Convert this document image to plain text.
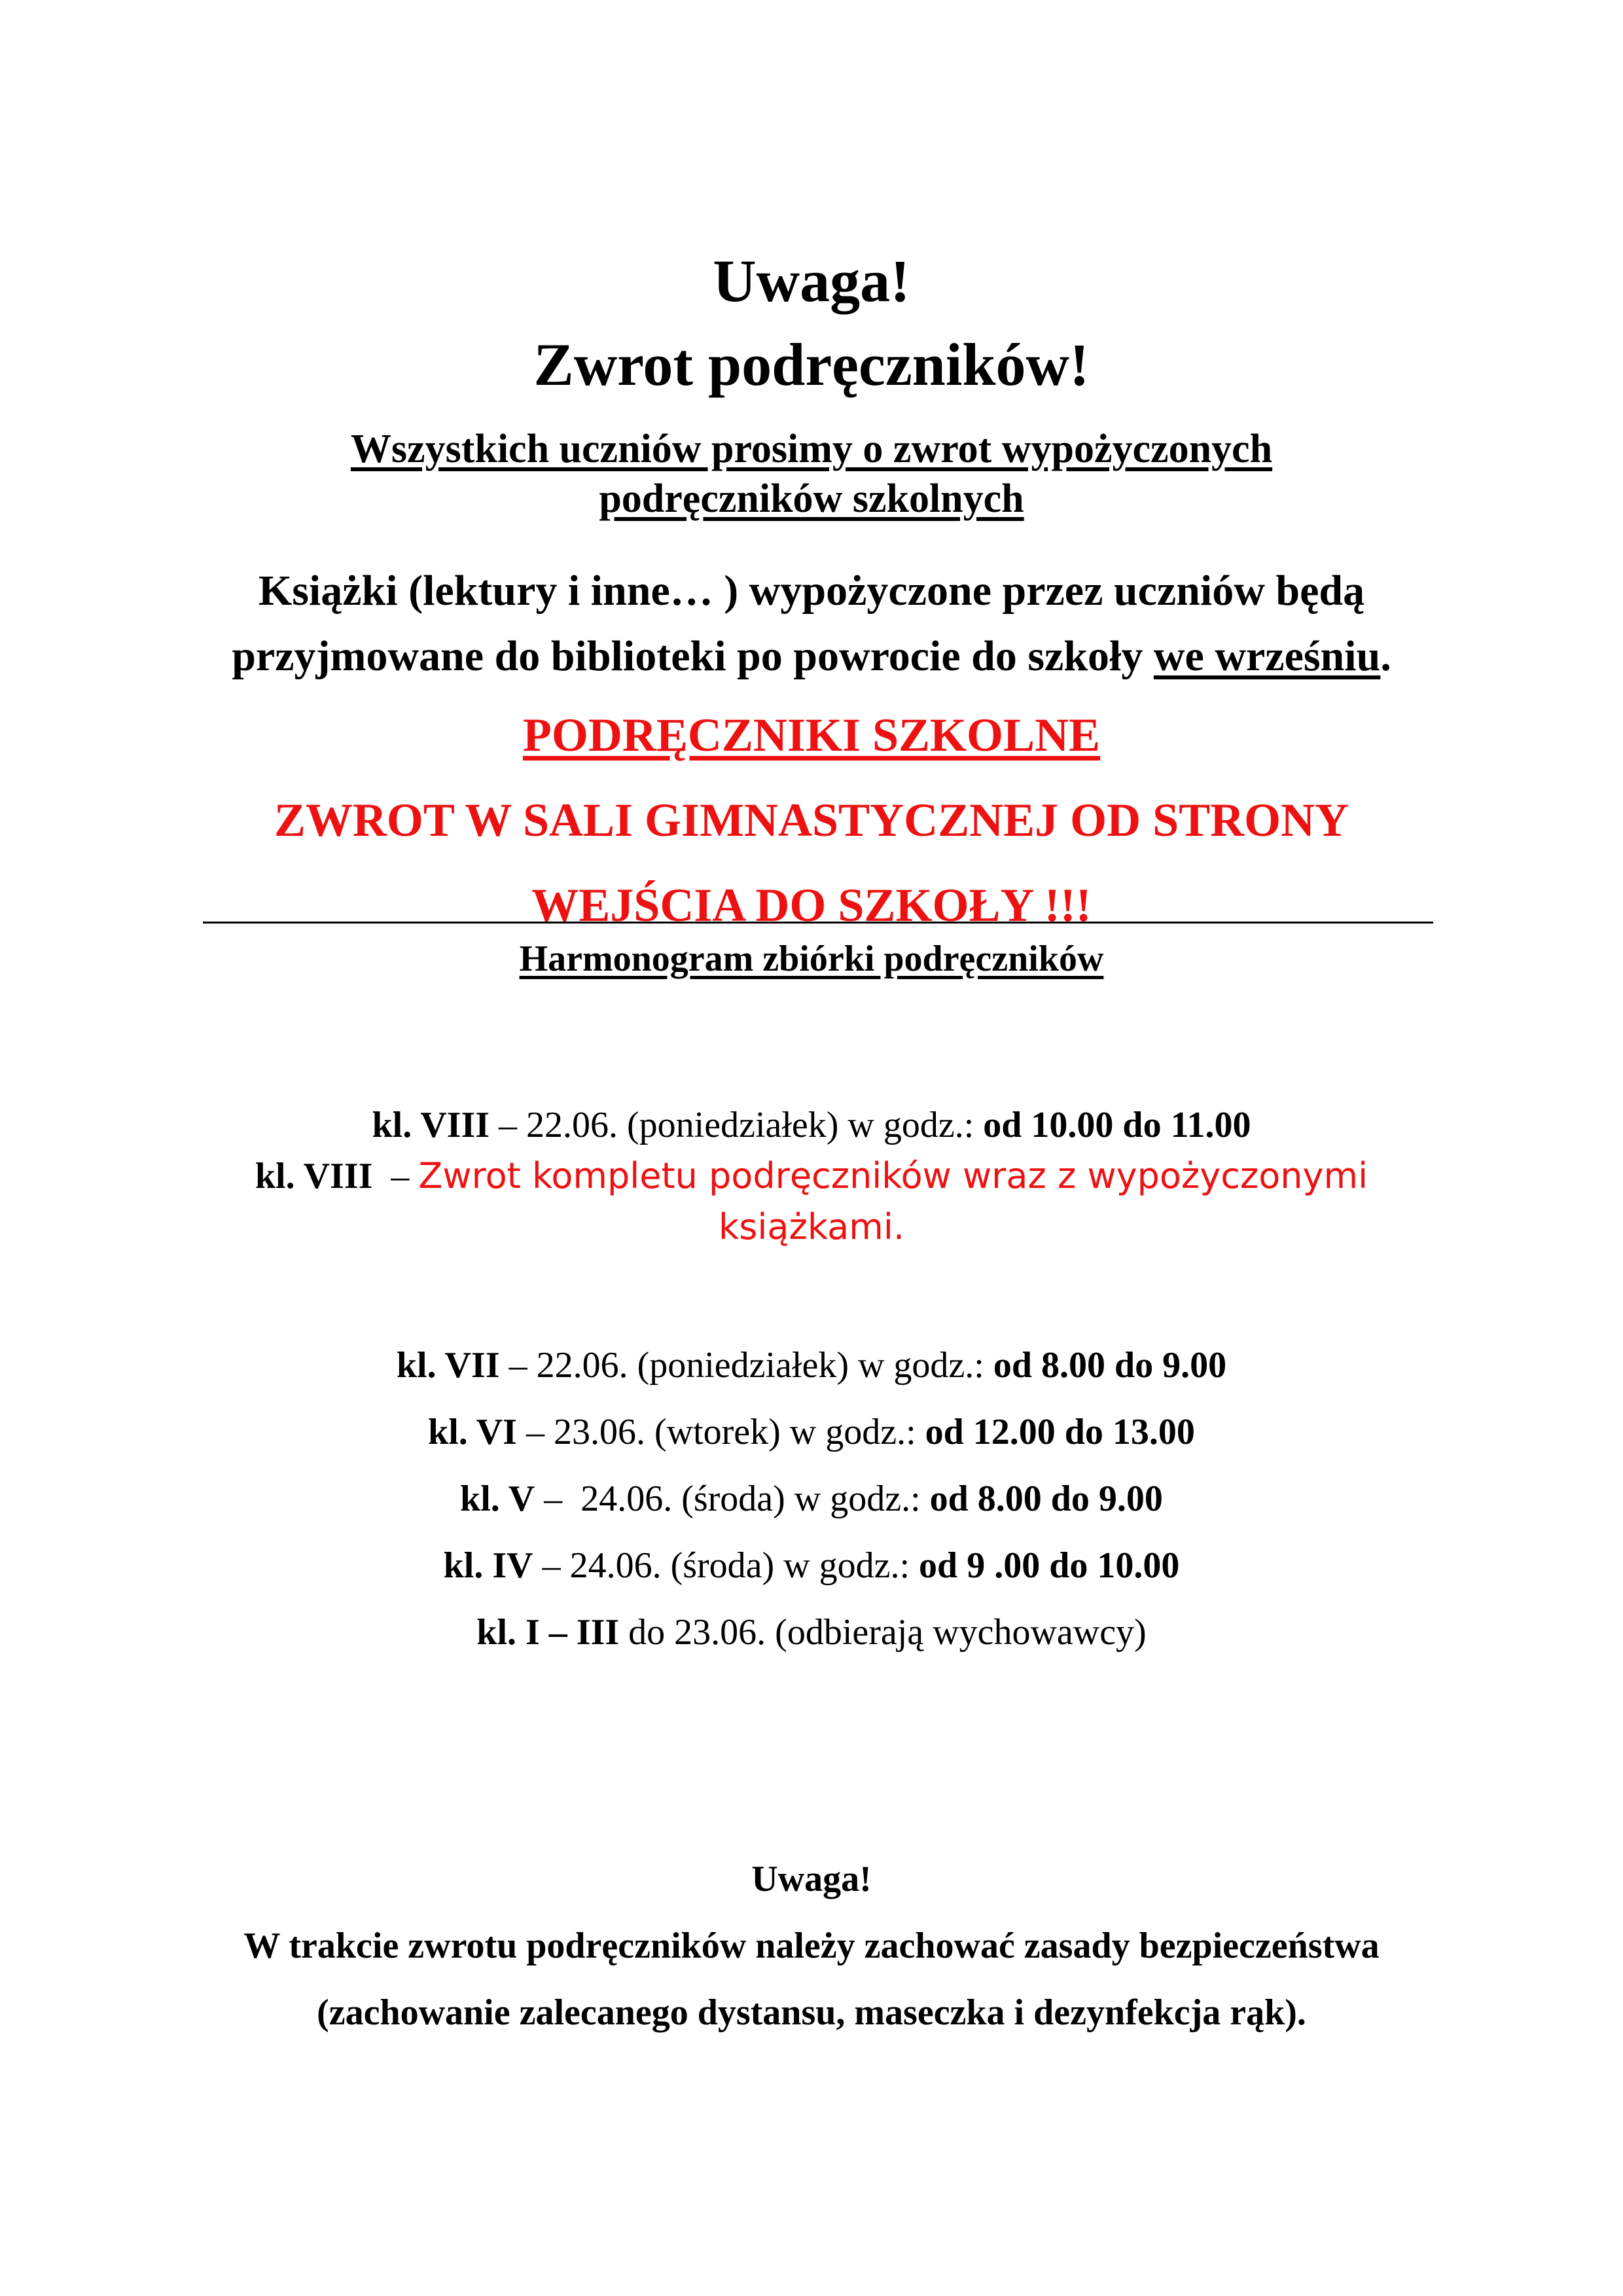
Uwaga!
Zwrot podręczników!
Wszystkich uczniów prosimy o zwrot wypożyczonych
podręczników szkolnych
Książki (lektury i inne… ) wypożyczone przez uczniów będą
przyjmowane do biblioteki po powrocie do szkoły we wrześniu.
PODRĘCZNIKI SZKOLNE
ZWROT W SALI GIMNASTYCZNEJ OD STRONY
WEJŚCIA DO SZKOŁY !!!
Harmonogram zbiórki podręczników
kl. VIII – 22.06. (poniedziałek) w godz.: od 10.00 do 11.00
kl. VIII  – Zwrot kompletu podręczników wraz z wypożyczonymi
książkami.
kl. VII – 22.06. (poniedziałek) w godz.: od 8.00 do 9.00
kl. VI – 23.06. (wtorek) w godz.: od 12.00 do 13.00
kl. V –  24.06. (środa) w godz.: od 8.00 do 9.00
kl. IV – 24.06. (środa) w godz.: od 9 .00 do 10.00
kl. I – III do 23.06. (odbierają wychowawcy)
Uwaga!
W trakcie zwrotu podręczników należy zachować zasady bezpieczeństwa
(zachowanie zalecanego dystansu, maseczka i dezynfekcja rąk).
